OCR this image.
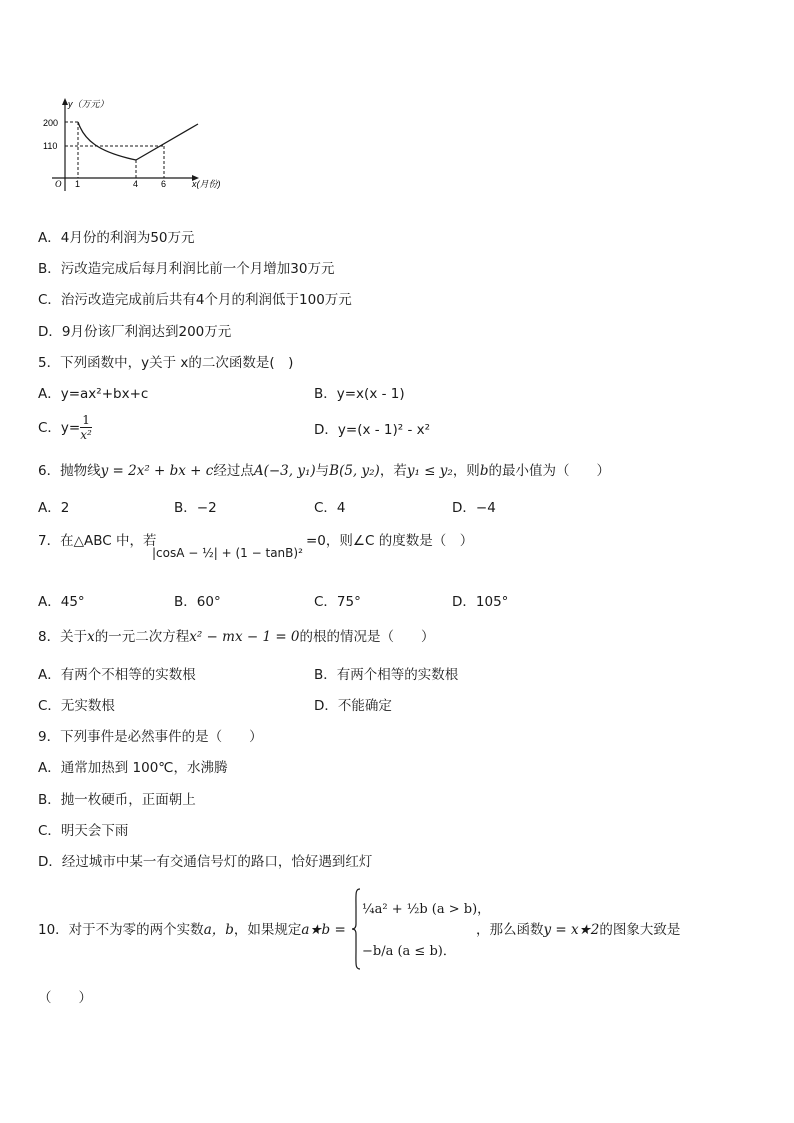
y（万元）
200
110
O 1	4	6	x(月份)
A．4月份的利润为50万元
B．污改造完成后每月利润比前一个月增加30万元
C．治污改造完成前后共有4个月的利润低于100万元
D．9月份该厂利润达到200万元
5．下列函数中，y关于 x的二次函数是(　)
A．y=ax²+bx+c	B．y=x(x - 1)
C．$y= \frac{1}{\text{x²}}$	D．y=(x - 1)² - x²
6．抛物线y = 2x² + bx + c经过点A(−3, y₁)与B(5, y₂)，若y₁ ≤ y₂，则b的最小值为（　　）
A．2	B．−2	C．4	D．−4
7．在△ABC 中，若	=0，则∠C 的度数是（　）
|cosA − ½| + (1 − tanB)²
A．45°	B．60°	C．75°	D．105°
8．关于x的一元二次方程x² − mx − 1 = 0的根的情况是（　　）
A．有两个不相等的实数根	B．有两个相等的实数根
C．无实数根	D．不能确定
9．下列事件是必然事件的是（　　）
A．通常加热到 100℃，水沸腾
B．抛一枚硬币，正面朝上
C．明天会下雨
D．经过城市中某一有交通信号灯的路口，恰好遇到红灯
10．对于不为零的两个实数a，b，如果规定a★b =
¼a² + ½b (a > b)，
−b/a (a ≤ b)．
，那么函数y = x★2的图象大致是
（　　）
